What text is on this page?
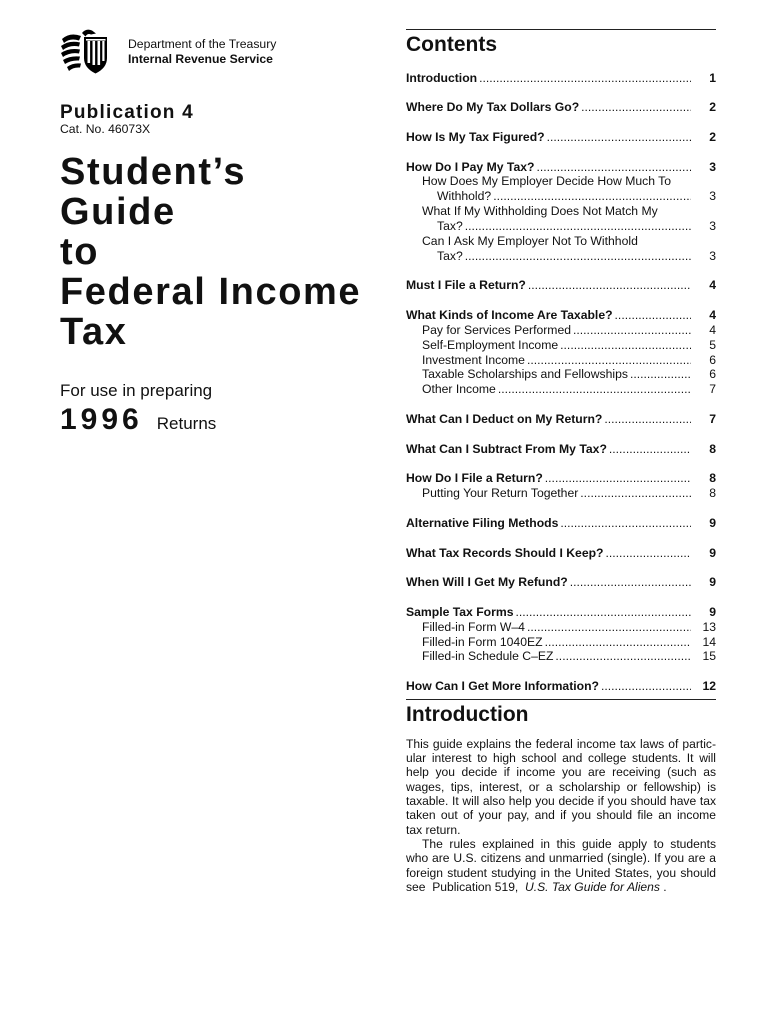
Department of the Treasury
Internal Revenue Service
Publication 4
Cat. No. 46073X
Student’s
Guide
to
Federal Income
Tax
For use in preparing
1996 Returns
Contents
Introduction .....	1
Where Do My Tax Dollars Go? .....	2
How Is My Tax Figured? .....	2
How Do I Pay My Tax? .....	3
How Does My Employer Decide How Much To
Withhold? .....	3
What If My Withholding Does Not Match My
Tax? .....	3
Can I Ask My Employer Not To Withhold
Tax? .....	3
Must I File a Return? .....	4
What Kinds of Income Are Taxable? .....	4
Pay for Services Performed .....	4
Self-Employment Income .....	5
Investment Income .....	6
Taxable Scholarships and Fellowships .....	6
Other Income .....	7
What Can I Deduct on My Return? .....	7
What Can I Subtract From My Tax? .....	8
How Do I File a Return? .....	8
Putting Your Return Together .....	8
Alternative Filing Methods .....	9
What Tax Records Should I Keep? .....	9
When Will I Get My Refund? .....	9
Sample Tax Forms .....	9
Filled-in Form W–4 .....	13
Filled-in Form 1040EZ .....	14
Filled-in Schedule C–EZ .....	15
How Can I Get More Information? .....	12
Introduction
This guide explains the federal income tax laws of partic-
ular interest to high school and college students. It will
help you decide if income you are receiving (such as
wages, tips, interest, or a scholarship or fellowship) is
taxable. It will also help you decide if you should have tax
taken out of your pay, and if you should file an income
tax return.
The rules explained in this guide apply to students
who are U.S. citizens and unmarried (single). If you are a
foreign student studying in the United States, you should
see  Publication 519,  U.S. Tax Guide for Aliens .
